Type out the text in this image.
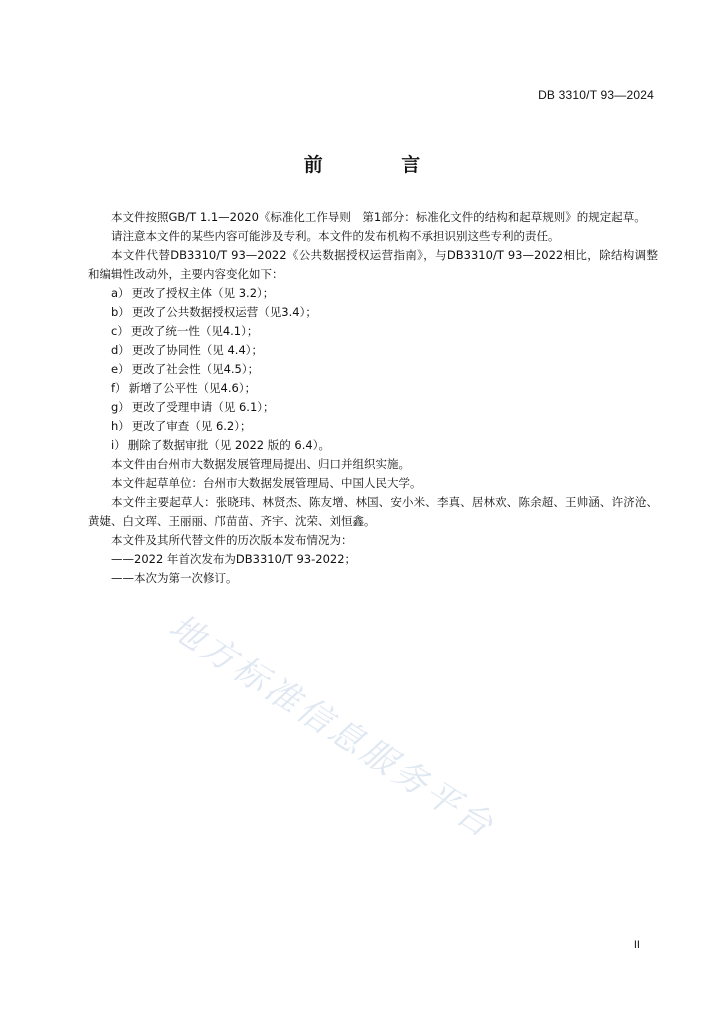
DB 3310/T 93—2024
前 言

本文件按照GB/T 1.1—2020《标准化工作导则　第1部分：标准化文件的结构和起草规则》的规定起草。

请注意本文件的某些内容可能涉及专利。本文件的发布机构不承担识别这些专利的责任。

本文件代替DB3310/T 93—2022《公共数据授权运营指南》，与DB3310/T 93—2022相比，除结构调整和编辑性改动外，主要内容变化如下：

a） 更改了授权主体（见 3.2）；
b） 更改了公共数据授权运营（见3.4）；
c） 更改了统一性（见4.1）；
d） 更改了协同性（见 4.4）；
e） 更改了社会性（见4.5）；
f） 新增了公平性（见4.6）；
g） 更改了受理申请（见 6.1）；
h） 更改了审查（见 6.2）；
i） 删除了数据审批（见 2022 版的 6.4）。

本文件由台州市大数据发展管理局提出、归口并组织实施。

本文件起草单位：台州市大数据发展管理局、中国人民大学。

本文件主要起草人：张晓玮、林贤杰、陈友增、林国、安小米、李真、居林欢、陈余超、王帅涵、许济沧、黄婕、白文珲、王丽丽、邝苗苗、齐宇、沈荣、刘恒鑫。

本文件及其所代替文件的历次版本发布情况为：

——2022 年首次发布为DB3310/T 93-2022；

——本次为第一次修订。

地方标准信息服务平台
II
